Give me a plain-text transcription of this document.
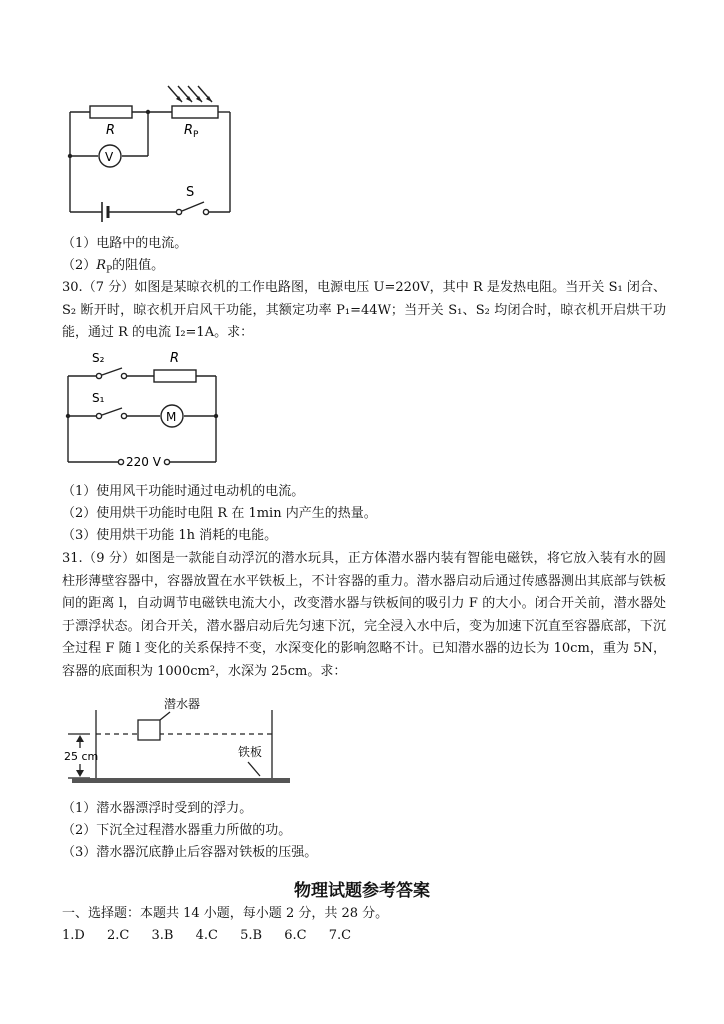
R	$R_P$
V
S
（1）电路中的电流。
$(2)R_P$的阻值。
30.（7 分）如图是某晾衣机的工作电路图，电源电压 U=220V，其中 R 是发热电阻。当开关 S₁ 闭合、S₂ 断开时，晾衣机开启风干功能，其额定功率 P₁=44W；当开关 S₁、S₂ 均闭合时，晾衣机开启烘干功能，通过 R 的电流 I₂=1A。求：
S₂	R
S₁
M
220 V
（1）使用风干功能时通过电动机的电流。
（2）使用烘干功能时电阻 R 在 1min 内产生的热量。
（3）使用烘干功能 1h 消耗的电能。
31.（9 分）如图是一款能自动浮沉的潜水玩具，正方体潜水器内装有智能电磁铁，将它放入装有水的圆柱形薄壁容器中，容器放置在水平铁板上，不计容器的重力。潜水器启动后通过传感器测出其底部与铁板间的距离 l，自动调节电磁铁电流大小，改变潜水器与铁板间的吸引力 F 的大小。闭合开关前，潜水器处于漂浮状态。闭合开关，潜水器启动后先匀速下沉，完全浸入水中后，变为加速下沉直至容器底部，下沉全过程 F 随 l 变化的关系保持不变，水深变化的影响忽略不计。已知潜水器的边长为 10cm，重为 5N，容器的底面积为 1000cm²，水深为 25cm。求：
潜水器
25 cm	铁板
（1）潜水器漂浮时受到的浮力。
（2）下沉全过程潜水器重力所做的功。
（3）潜水器沉底静止后容器对铁板的压强。
物理试题参考答案
一、选择题：本题共 14 小题，每小题 2 分，共 28 分。
1.D 2.C 3.B 4.C 5.B 6.C 7.C
